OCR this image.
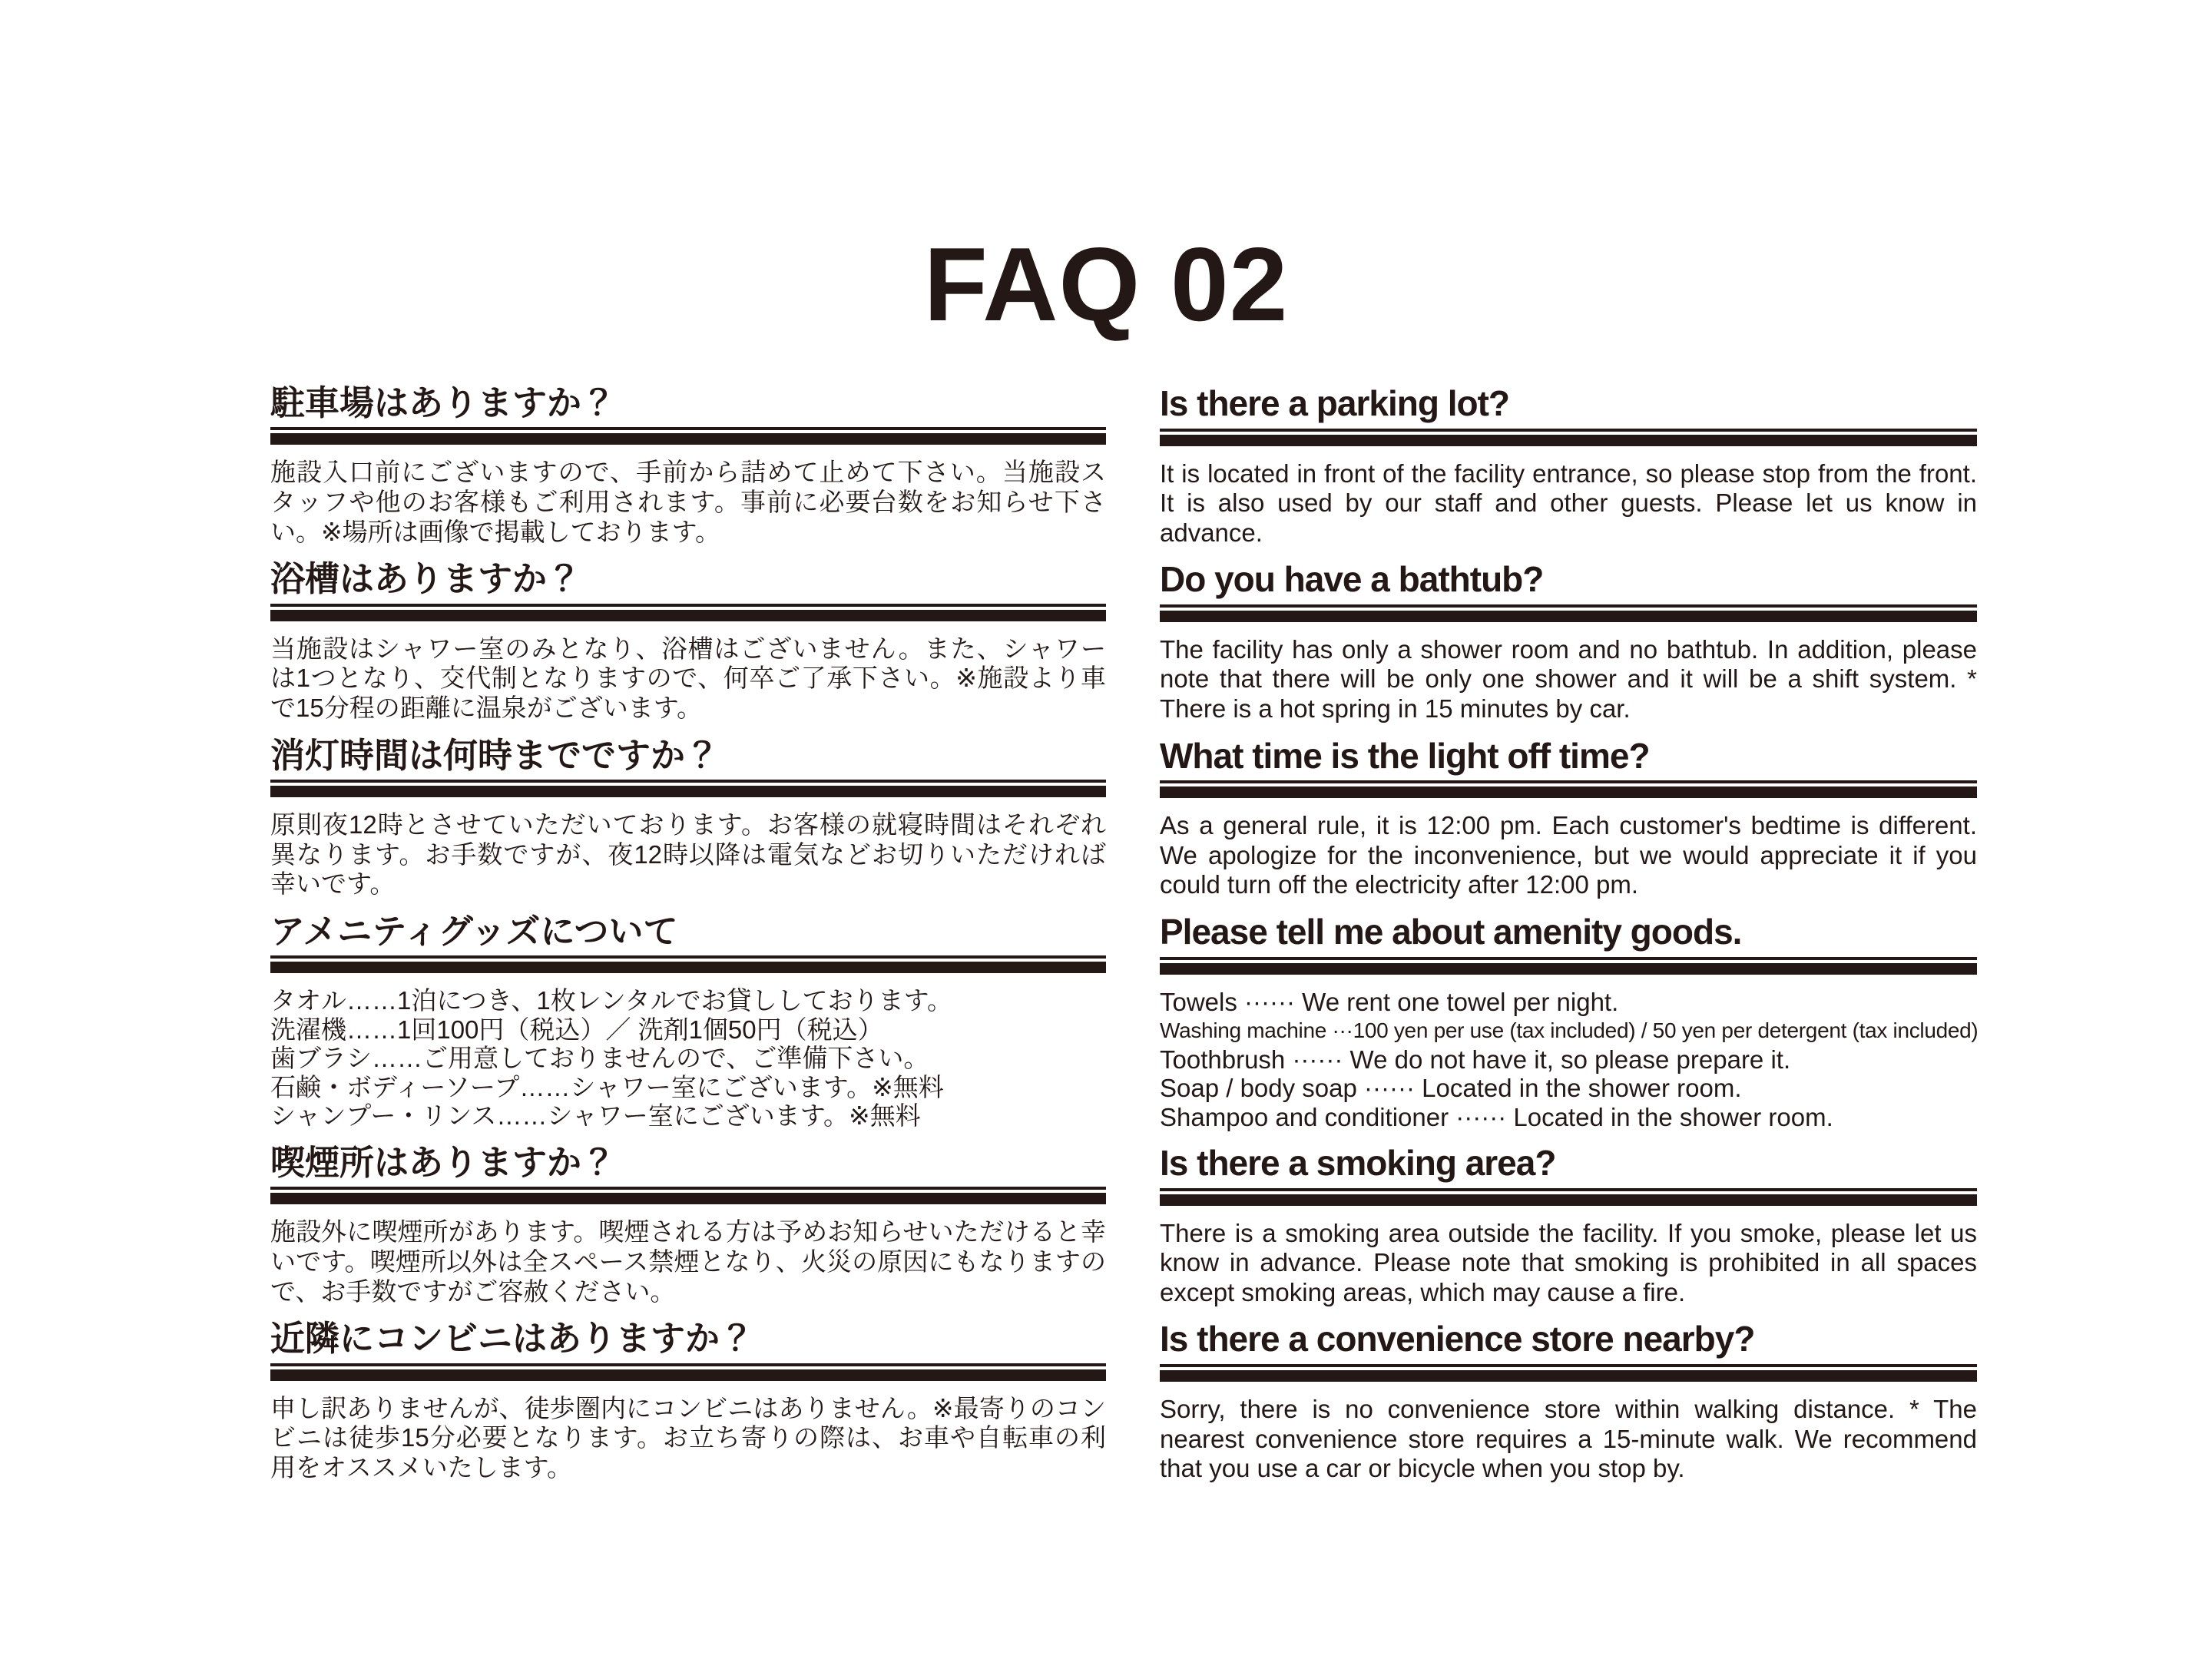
FAQ 02
駐車場はありますか？

施設入口前にございますので、手前から詰めて止めて下さい。当施設スタッフや他のお客様もご利用されます。事前に必要台数をお知らせ下さい。※場所は画像で掲載しております。

Is there a parking lot?

It is located in front of the facility entrance, so please stop from the front. It is also used by our staff and other guests. Please let us know in advance.

浴槽はありますか？

当施設はシャワー室のみとなり、浴槽はございません。また、シャワーは1つとなり、交代制となりますので、何卒ご了承下さい。※施設より車で15分程の距離に温泉がございます。

Do you have a bathtub?

The facility has only a shower room and no bathtub. In addition, please note that there will be only one shower and it will be a shift system. * There is a hot spring in 15 minutes by car.

消灯時間は何時までですか？

原則夜12時とさせていただいております。お客様の就寝時間はそれぞれ異なります。お手数ですが、夜12時以降は電気などお切りいただければ幸いです。

What time is the light off time?

As a general rule, it is 12:00 pm. Each customer's bedtime is different. We apologize for the inconvenience, but we would appreciate it if you could turn off the electricity after 12:00 pm.

アメニティグッズについて
タオル……1泊につき、1枚レンタルでお貸ししております。
洗濯機……1回100円（税込）／ 洗剤1個50円（税込）
歯ブラシ……ご用意しておりませんので、ご準備下さい。
石鹸・ボディーソープ……シャワー室にございます。※無料
シャンプー・リンス……シャワー室にございます。※無料
Please tell me about amenity goods.
Towels ······ We rent one towel per night.
Washing machine ···100 yen per use (tax included) / 50 yen per detergent (tax included)
Toothbrush ······ We do not have it, so please prepare it.
Soap / body soap ······ Located in the shower room.
Shampoo and conditioner ······ Located in the shower room.
喫煙所はありますか？

施設外に喫煙所があります。喫煙される方は予めお知らせいただけると幸いです。喫煙所以外は全スペース禁煙となり、火災の原因にもなりますので、お手数ですがご容赦ください。

Is there a smoking area?

There is a smoking area outside the facility. If you smoke, please let us know in advance. Please note that smoking is prohibited in all spaces except smoking areas, which may cause a fire.

近隣にコンビニはありますか？

申し訳ありませんが、徒歩圏内にコンビニはありません。※最寄りのコンビニは徒歩15分必要となります。お立ち寄りの際は、お車や自転車の利用をオススメいたします。

Is there a convenience store nearby?

Sorry, there is no convenience store within walking distance. * The nearest convenience store requires a 15-minute walk. We recommend that you use a car or bicycle when you stop by.
